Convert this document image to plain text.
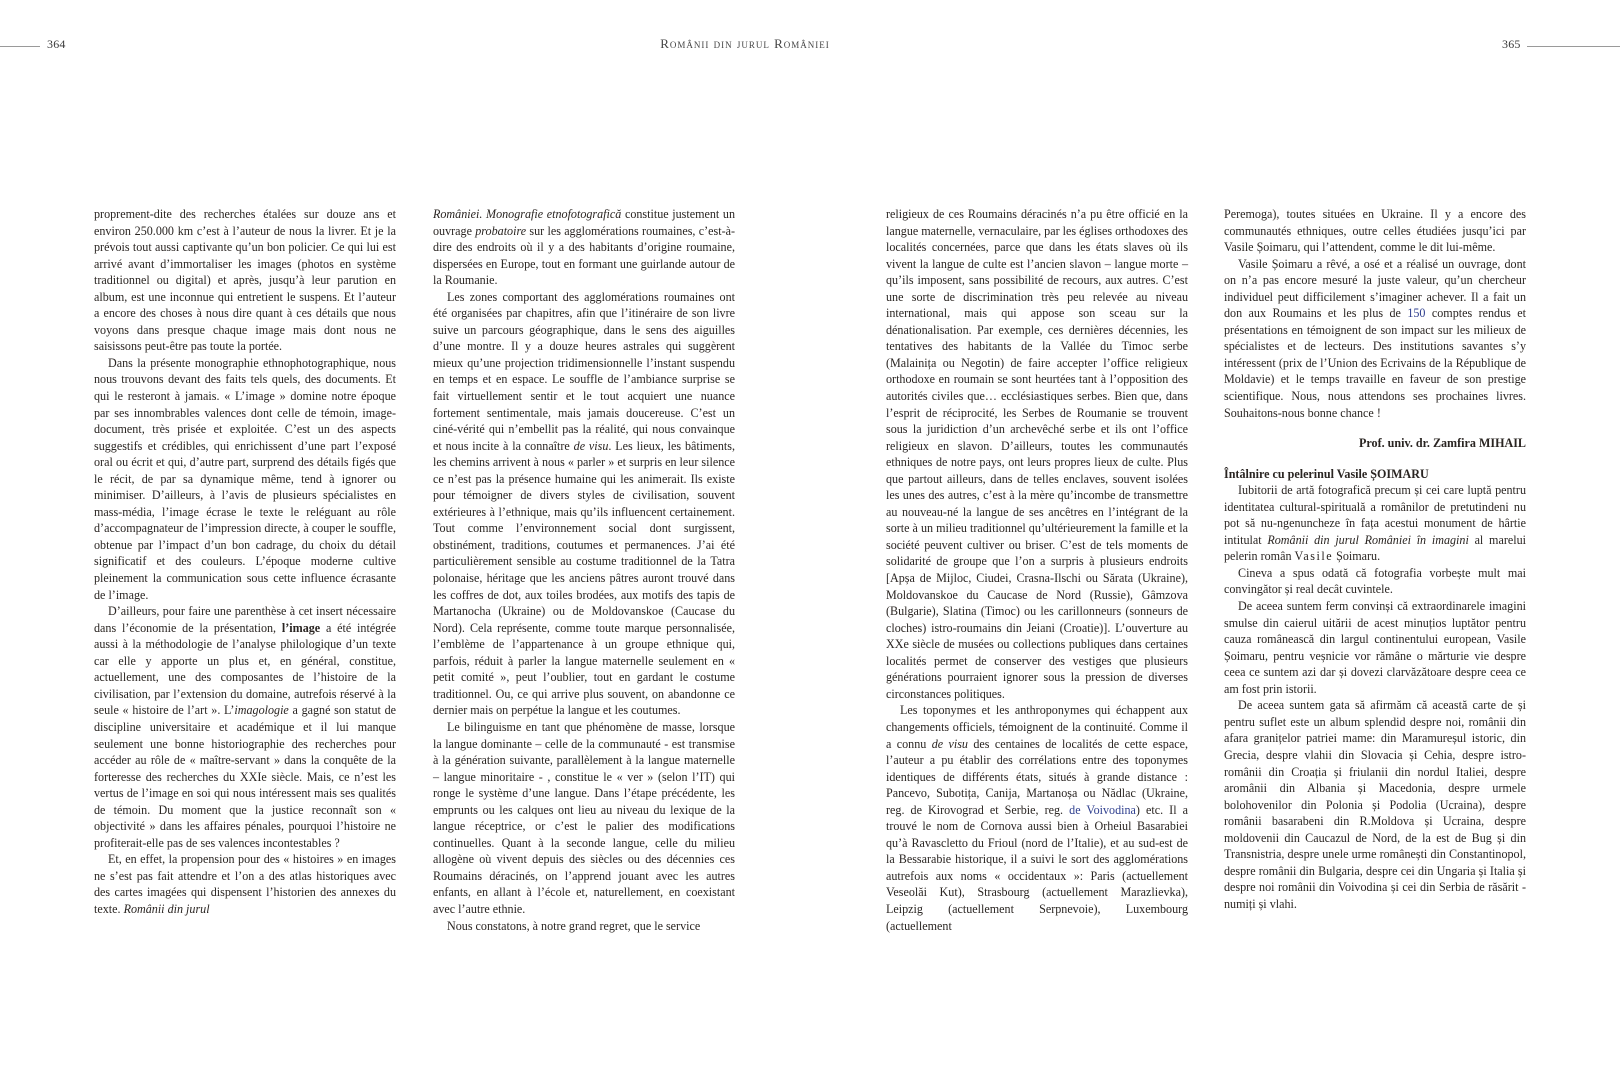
364	Românii din jurul României	365

proprement-dite des recherches étalées sur douze ans et environ 250.000 km c’est à l’auteur de nous la livrer. Et je la prévois tout aussi captivante qu’un bon policier. Ce qui lui est arrivé avant d’immortaliser les images (photos en système traditionnel ou digital) et après, jusqu’à leur parution en album, est une inconnue qui entretient le suspens. Et l’auteur a encore des choses à nous dire quant à ces détails que nous voyons dans presque chaque image mais dont nous ne saisissons peut-être pas toute la portée.

Dans la présente monographie ethnophotographique, nous nous trouvons devant des faits tels quels, des documents. Et qui le resteront à jamais. « L’image » domine notre époque par ses innombrables valences dont celle de témoin, image-document, très prisée et exploitée. C’est un des aspects suggestifs et crédibles, qui enrichissent d’une part l’exposé oral ou écrit et qui, d’autre part, surprend des détails figés que le récit, de par sa dynamique même, tend à ignorer ou minimiser. D’ailleurs, à l’avis de plusieurs spécialistes en mass-média, l’image écrase le texte le reléguant au rôle d’accompagnateur de l’impression directe, à couper le souffle, obtenue par l’impact d’un bon cadrage, du choix du détail significatif et des couleurs. L’époque moderne cultive pleinement la communication sous cette influence écrasante de l’image.

D’ailleurs, pour faire une parenthèse à cet insert nécessaire dans l’économie de la présentation, l’image a été intégrée aussi à la méthodologie de l’analyse philologique d’un texte car elle y apporte un plus et, en général, constitue, actuellement, une des composantes de l’histoire de la civilisation, par l’extension du domaine, autrefois réservé à la seule « histoire de l’art ». L’imagologie a gagné son statut de discipline universitaire et académique et il lui manque seulement une bonne historiographie des recherches pour accéder au rôle de « maître-servant » dans la conquête de la forteresse des recherches du XXIe siècle. Mais, ce n’est les vertus de l’image en soi qui nous intéressent mais ses qualités de témoin. Du moment que la justice reconnaît son « objectivité » dans les affaires pénales, pourquoi l’histoire ne profiterait-elle pas de ses valences incontestables ?

Et, en effet, la propension pour des « histoires » en images ne s’est pas fait attendre et l’on a des atlas historiques avec des cartes imagées qui dispensent l’historien des annexes du texte. Românii din jurul

României. Monografie etnofotografică constitue justement un ouvrage probatoire sur les agglomérations roumaines, c’est-à-dire des endroits où il y a des habitants d’origine roumaine, dispersées en Europe, tout en formant une guirlande autour de la Roumanie.

Les zones comportant des agglomérations roumaines ont été organisées par chapitres, afin que l’itinéraire de son livre suive un parcours géographique, dans le sens des aiguilles d’une montre. Il y a douze heures astrales qui suggèrent mieux qu’une projection tridimensionnelle l’instant suspendu en temps et en espace. Le souffle de l’ambiance surprise se fait virtuellement sentir et le tout acquiert une nuance fortement sentimentale, mais jamais doucereuse. C’est un ciné-vérité qui n’embellit pas la réalité, qui nous convainque et nous incite à la connaître de visu. Les lieux, les bâtiments, les chemins arrivent à nous « parler » et surpris en leur silence ce n’est pas la présence humaine qui les animerait. Ils existe pour témoigner de divers styles de civilisation, souvent extérieures à l’ethnique, mais qu’ils influencent certainement. Tout comme l’environnement social dont surgissent, obstinément, traditions, coutumes et permanences. J’ai été particulièrement sensible au costume traditionnel de la Tatra polonaise, héritage que les anciens pâtres auront trouvé dans les coffres de dot, aux toiles brodées, aux motifs des tapis de Martanocha (Ukraine) ou de Moldovanskoe (Caucase du Nord). Cela représente, comme toute marque personnalisée, l’emblème de l’appartenance à un groupe ethnique qui, parfois, réduit à parler la langue maternelle seulement en « petit comité », peut l’oublier, tout en gardant le costume traditionnel. Ou, ce qui arrive plus souvent, on abandonne ce dernier mais on perpétue la langue et les coutumes.

Le bilinguisme en tant que phénomène de masse, lorsque la langue dominante – celle de la communauté - est transmise à la génération suivante, parallèlement à la langue maternelle – langue minoritaire - , constitue le « ver » (selon l’IT) qui ronge le système d’une langue. Dans l’étape précédente, les emprunts ou les calques ont lieu au niveau du lexique de la langue réceptrice, or c’est le palier des modifications continuelles. Quant à la seconde langue, celle du milieu allogène où vivent depuis des siècles ou des décennies ces Roumains déracinés, on l’apprend jouant avec les autres enfants, en allant à l’école et, naturellement, en coexistant avec l’autre ethnie.

Nous constatons, à notre grand regret, que le service

religieux de ces Roumains déracinés n’a pu être officié en la langue maternelle, vernaculaire, par les églises orthodoxes des localités concernées, parce que dans les états slaves où ils vivent la langue de culte est l’ancien slavon – langue morte – qu’ils imposent, sans possibilité de recours, aux autres. C’est une sorte de discrimination très peu relevée au niveau international, mais qui appose son sceau sur la dénationalisation. Par exemple, ces dernières décennies, les tentatives des habitants de la Vallée du Timoc serbe (Malainița ou Negotin) de faire accepter l’office religieux orthodoxe en roumain se sont heurtées tant à l’opposition des autorités civiles que… ecclésiastiques serbes. Bien que, dans l’esprit de réciprocité, les Serbes de Roumanie se trouvent sous la juridiction d’un archevêché serbe et ils ont l’office religieux en slavon. D’ailleurs, toutes les communautés ethniques de notre pays, ont leurs propres lieux de culte. Plus que partout ailleurs, dans de telles enclaves, souvent isolées les unes des autres, c’est à la mère qu’incombe de transmettre au nouveau-né la langue de ses ancêtres en l’intégrant de la sorte à un milieu traditionnel qu’ultérieurement la famille et la société peuvent cultiver ou briser. C’est de tels moments de solidarité de groupe que l’on a surpris à plusieurs endroits [Apșa de Mijloc, Ciudei, Crasna-Ilschi ou Sărata (Ukraine), Moldovanskoe du Caucase de Nord (Russie), Gâmzova (Bulgarie), Slatina (Timoc) ou les carillonneurs (sonneurs de cloches) istro-roumains din Jeiani (Croatie)]. L’ouverture au XXe siècle de musées ou collections publiques dans certaines localités permet de conserver des vestiges que plusieurs générations pourraient ignorer sous la pression de diverses circonstances politiques.

Les toponymes et les anthroponymes qui échappent aux changements officiels, témoignent de la continuité. Comme il a connu de visu des centaines de localités de cette espace, l’auteur a pu établir des corrélations entre des toponymes identiques de différents états, situés à grande distance : Pancevo, Subotița, Canija, Martanoșa ou Nădlac (Ukraine, reg. de Kirovograd et Serbie, reg. de Voivodina) etc. Il a trouvé le nom de Cornova aussi bien à Orheiul Basarabiei qu’à Ravascletto du Frioul (nord de l’Italie), et au sud-est de la Bessarabie historique, il a suivi le sort des agglomérations autrefois aux noms « occidentaux »: Paris (actuellement Veseolăi Kut), Strasbourg (actuellement Marazlievka), Leipzig (actuellement Serpnevoie), Luxembourg (actuellement

Peremoga), toutes situées en Ukraine. Il y a encore des communautés ethniques, outre celles étudiées jusqu’ici par Vasile Șoimaru, qui l’attendent, comme le dit lui-même.

Vasile Șoimaru a rêvé, a osé et a réalisé un ouvrage, dont on n’a pas encore mesuré la juste valeur, qu’un chercheur individuel peut difficilement s’imaginer achever. Il a fait un don aux Roumains et les plus de 150 comptes rendus et présentations en témoignent de son impact sur les milieux de spécialistes et de lecteurs. Des institutions savantes s’y intéressent (prix de l’Union des Ecrivains de la République de Moldavie) et le temps travaille en faveur de son prestige scientifique. Nous, nous attendons ses prochaines livres. Souhaitons-nous bonne chance !

Prof. univ. dr. Zamfira MIHAIL

Întâlnire cu pelerinul Vasile ȘOIMARU

Iubitorii de artă fotografică precum și cei care luptă pentru identitatea cultural-spirituală a românilor de pretutindeni nu pot să nu-ngenuncheze în fața acestui monument de hârtie intitulat Românii din jurul României în imagini al marelui pelerin român Vasile Șoimaru.

Cineva a spus odată că fotografia vorbește mult mai convingător și real decât cuvintele.

De aceea suntem ferm convinși că extraordinarele imagini smulse din caierul uitării de acest minuțios luptător pentru cauza românească din largul continentului european, Vasile Șoimaru, pentru veșnicie vor rămâne o mărturie vie despre ceea ce suntem azi dar și dovezi clarvăzătoare despre ceea ce am fost prin istorii.

De aceea suntem gata să afirmăm că această carte de și pentru suflet este un album splendid despre noi, românii din afara granițelor patriei mame: din Maramureșul istoric, din Grecia, despre vlahii din Slovacia și Cehia, despre istro-românii din Croația și friulanii din nordul Italiei, despre aromânii din Albania și Macedonia, despre urmele bolohovenilor din Polonia și Podolia (Ucraina), despre românii basarabeni din R.Moldova și Ucraina, despre moldovenii din Caucazul de Nord, de la est de Bug și din Transnistria, despre unele urme românești din Constantinopol, despre românii din Bulgaria, despre cei din Ungaria și Italia și despre noi românii din Voivodina și cei din Serbia de răsărit - numiți și vlahi.
